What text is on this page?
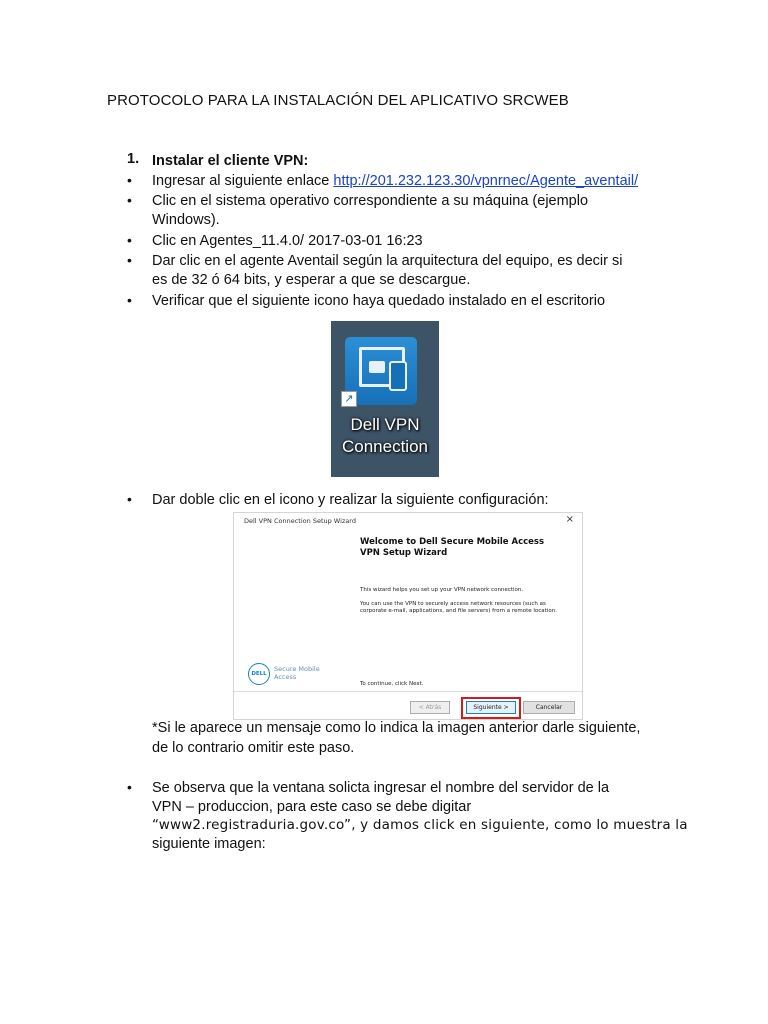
PROTOCOLO PARA LA INSTALACIÓN DEL APLICATIVO SRCWEB
1. Instalar el cliente VPN:
• Ingresar al siguiente enlace http://201.232.123.30/vpnrnec/Agente_aventail/
• Clic en el sistema operativo correspondiente a su máquina (ejemplo
Windows).
• Clic en Agentes_11.4.0/ 2017-03-01 16:23
• Dar clic en el agente Aventail según la arquitectura del equipo, es decir si
es de 32 ó 64 bits, y esperar a que se descargue.
• Verificar que el siguiente icono haya quedado instalado en el escritorio
↗
Dell VPN
Connection
• Dar doble clic en el icono y realizar la siguiente configuración:
Dell VPN Connection Setup Wizard	×
Welcome to Dell Secure Mobile Access
VPN Setup Wizard
This wizard helps you set up your VPN network connection.
You can use the VPN to securely access network resources (such as corporate e-mail, applications, and file servers) from a remote location.
To continue, click Next.
DELL
Secure Mobile
Access
< Atrás	Siguiente >	Cancelar
*Si le aparece un mensaje como lo indica la imagen anterior darle siguiente,
de lo contrario omitir este paso.
• Se observa que la ventana solicta ingresar el nombre del servidor de la
VPN – produccion, para este caso se debe digitar
“www2.registraduria.gov.co”, y damos click en siguiente, como lo muestra la
siguiente imagen:
